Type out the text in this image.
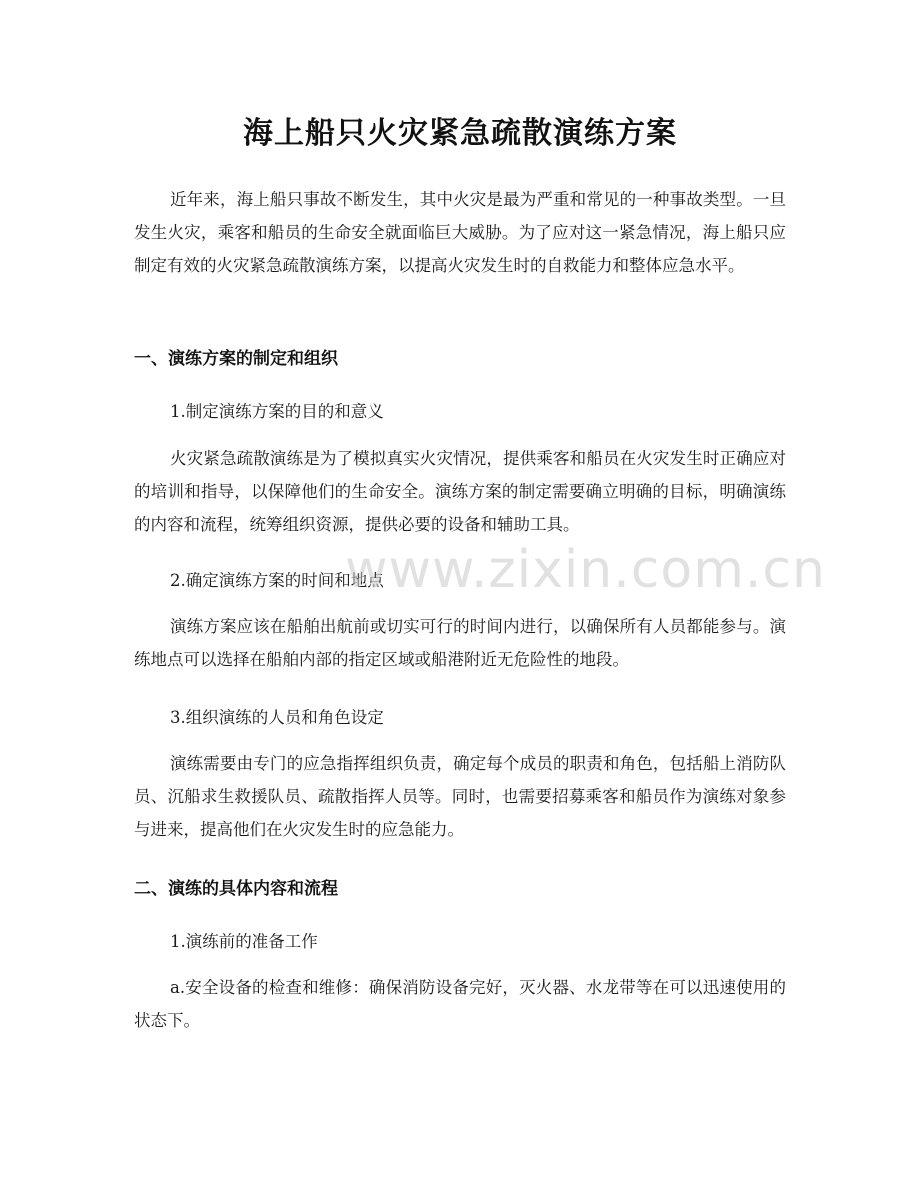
海上船只火灾紧急疏散演练方案

近年来，海上船只事故不断发生，其中火灾是最为严重和常见的一种事故类型。一旦发生火灾，乘客和船员的生命安全就面临巨大威胁。为了应对这一紧急情况，海上船只应制定有效的火灾紧急疏散演练方案，以提高火灾发生时的自救能力和整体应急水平。

一、演练方案的制定和组织
1.制定演练方案的目的和意义

火灾紧急疏散演练是为了模拟真实火灾情况，提供乘客和船员在火灾发生时正确应对的培训和指导，以保障他们的生命安全。演练方案的制定需要确立明确的目标，明确演练的内容和流程，统筹组织资源，提供必要的设备和辅助工具。

2.确定演练方案的时间和地点

演练方案应该在船舶出航前或切实可行的时间内进行，以确保所有人员都能参与。演练地点可以选择在船舶内部的指定区域或船港附近无危险性的地段。

3.组织演练的人员和角色设定

演练需要由专门的应急指挥组织负责，确定每个成员的职责和角色，包括船上消防队员、沉船求生救援队员、疏散指挥人员等。同时，也需要招募乘客和船员作为演练对象参与进来，提高他们在火灾发生时的应急能力。

二、演练的具体内容和流程
1.演练前的准备工作

a.安全设备的检查和维修：确保消防设备完好，灭火器、水龙带等在可以迅速使用的状态下。

www.zixin.com.cn
